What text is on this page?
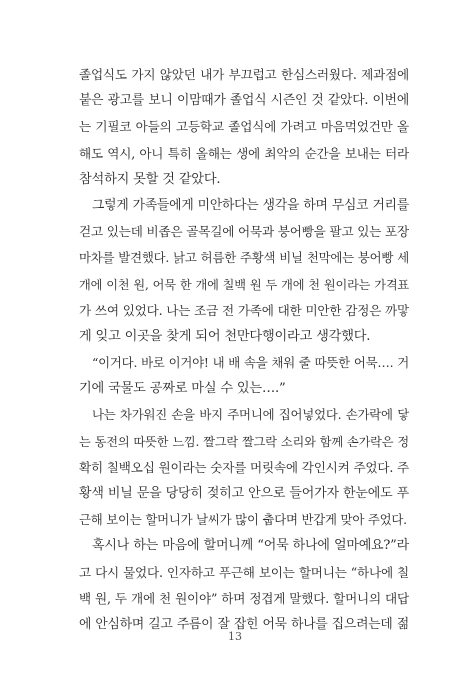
졸업식도 가지 않았던 내가 부끄럽고 한심스러웠다. 제과점에
붙은 광고를 보니 이맘때가 졸업식 시즌인 것 같았다. 이번에
는 기필코 아들의 고등학교 졸업식에 가려고 마음먹었건만 올
해도 역시, 아니 특히 올해는 생에 최악의 순간을 보내는 터라
참석하지 못할 것 같았다.
그렇게 가족들에게 미안하다는 생각을 하며 무심코 거리를
걷고 있는데 비좁은 골목길에 어묵과 붕어빵을 팔고 있는 포장
마차를 발견했다. 낡고 허름한 주황색 비닐 천막에는 붕어빵 세
개에 이천 원, 어묵 한 개에 칠백 원 두 개에 천 원이라는 가격표
가 쓰여 있었다. 나는 조금 전 가족에 대한 미안한 감정은 까맣
게 잊고 이곳을 찾게 되어 천만다행이라고 생각했다.
“이거다. 바로 이거야! 내 배 속을 채워 줄 따뜻한 어묵…. 거
기에 국물도 공짜로 마실 수 있는….”
나는 차가워진 손을 바지 주머니에 집어넣었다. 손가락에 닿
는 동전의 따뜻한 느낌. 짤그락 짤그락 소리와 함께 손가락은 정
확히 칠백오십 원이라는 숫자를 머릿속에 각인시켜 주었다. 주
황색 비닐 문을 당당히 젖히고 안으로 들어가자 한눈에도 푸
근해 보이는 할머니가 날씨가 많이 춥다며 반갑게 맞아 주었다.
혹시나 하는 마음에 할머니께 “어묵 하나에 얼마예요?”라
고 다시 물었다. 인자하고 푸근해 보이는 할머니는 “하나에 칠
백 원, 두 개에 천 원이야” 하며 정겹게 말했다. 할머니의 대답
에 안심하며 길고 주름이 잘 잡힌 어묵 하나를 집으려는데 젊
13
